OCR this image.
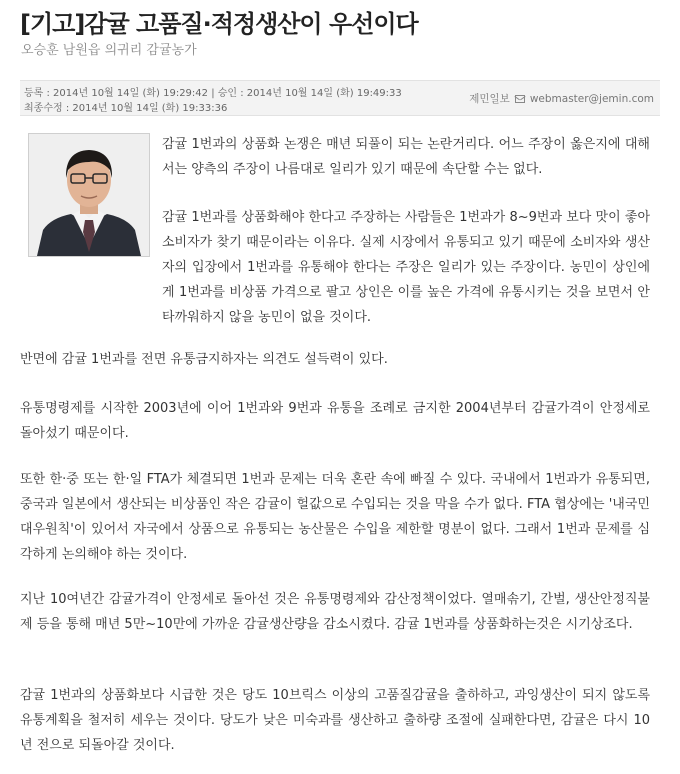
[기고]감귤 고품질·적정생산이 우선이다
오승훈 남원읍 의귀리 감귤농가
등록 : 2014년 10월 14일 (화) 19:29:42 | 승인 : 2014년 10월 14일 (화) 19:49:33
최종수정 : 2014년 10월 14일 (화) 19:33:36
제민일보 webmaster@jemin.com

감귤 1번과의 상품화 논쟁은 매년 되풀이 되는 논란거리다. 어느 주장이 옳은지에 대해서는 양측의 주장이 나름대로 일리가 있기 때문에 속단할 수는 없다.

감귤 1번과를 상품화해야 한다고 주장하는 사람들은 1번과가 8~9번과 보다 맛이 좋아 소비자가 찾기 때문이라는 이유다. 실제 시장에서 유통되고 있기 때문에 소비자와 생산자의 입장에서 1번과를 유통해야 한다는 주장은 일리가 있는 주장이다. 농민이 상인에게 1번과를 비상품 가격으로 팔고 상인은 이를 높은 가격에 유통시키는 것을 보면서 안타까워하지 않을 농민이 없을 것이다.

반면에 감귤 1번과를 전면 유통금지하자는 의견도 설득력이 있다.

유통명령제를 시작한 2003년에 이어 1번과와 9번과 유통을 조례로 금지한 2004년부터 감귤가격이 안정세로 돌아섰기 때문이다.

또한 한·중 또는 한·일 FTA가 체결되면 1번과 문제는 더욱 혼란 속에 빠질 수 있다. 국내에서 1번과가 유통되면, 중국과 일본에서 생산되는 비상품인 작은 감귤이 헐값으로 수입되는 것을 막을 수가 없다. FTA 협상에는 '내국민 대우원칙'이 있어서 자국에서 상품으로 유통되는 농산물은 수입을 제한할 명분이 없다. 그래서 1번과 문제를 심각하게 논의해야 하는 것이다.

지난 10여년간 감귤가격이 안정세로 돌아선 것은 유통명령제와 감산정책이었다. 열매솎기, 간벌, 생산안정직불제 등을 통해 매년 5만~10만에 가까운 감귤생산량을 감소시켰다. 감귤 1번과를 상품화하는것은 시기상조다.

감귤 1번과의 상품화보다 시급한 것은 당도 10브릭스 이상의 고품질감귤을 출하하고, 과잉생산이 되지 않도록 유통계획을 철저히 세우는 것이다. 당도가 낮은 미숙과를 생산하고 출하량 조절에 실패한다면, 감귤은 다시 10년 전으로 되돌아갈 것이다.
